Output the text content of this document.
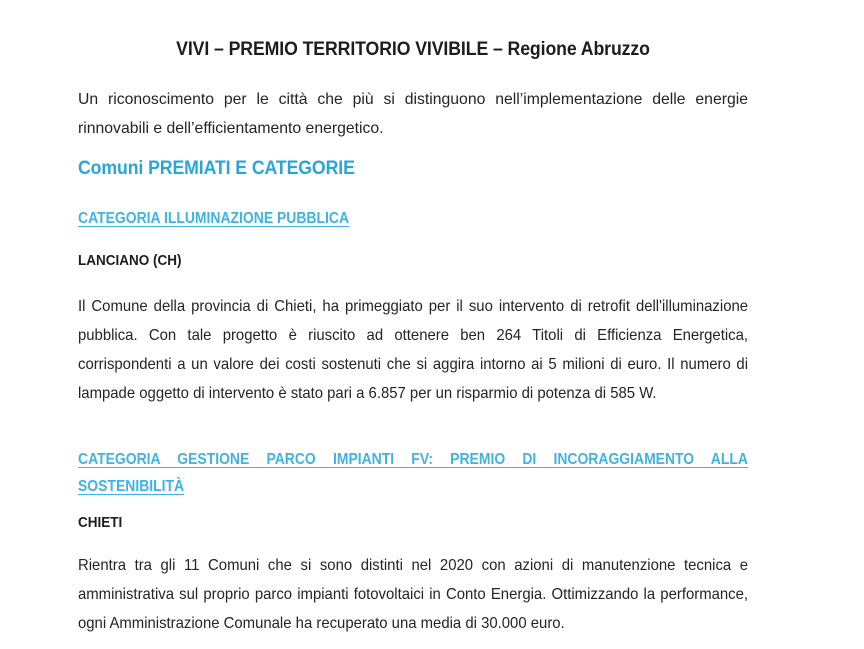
VIVI – PREMIO TERRITORIO VIVIBILE – Regione Abruzzo

Un riconoscimento per le città che più si distinguono nell’implementazione delle energie rinnovabili e dell’efficientamento energetico.

Comuni PREMIATI E CATEGORIE
CATEGORIA ILLUMINAZIONE PUBBLICA

LANCIANO (CH)

Il Comune della provincia di Chieti, ha primeggiato per il suo intervento di retrofit dell'illuminazione pubblica. Con tale progetto è riuscito ad ottenere ben 264 Titoli di Efficienza Energetica, corrispondenti a un valore dei costi sostenuti che si aggira intorno ai 5 milioni di euro. Il numero di lampade oggetto di intervento è stato pari a 6.857 per un risparmio di potenza di 585 W.

CATEGORIA GESTIONE PARCO IMPIANTI FV: PREMIO DI INCORAGGIAMENTO ALLA SOSTENIBILITÀ

CHIETI

Rientra tra gli 11 Comuni che si sono distinti nel 2020 con azioni di manutenzione tecnica e amministrativa sul proprio parco impianti fotovoltaici in Conto Energia. Ottimizzando la performance, ogni Amministrazione Comunale ha recuperato una media di 30.000 euro.
